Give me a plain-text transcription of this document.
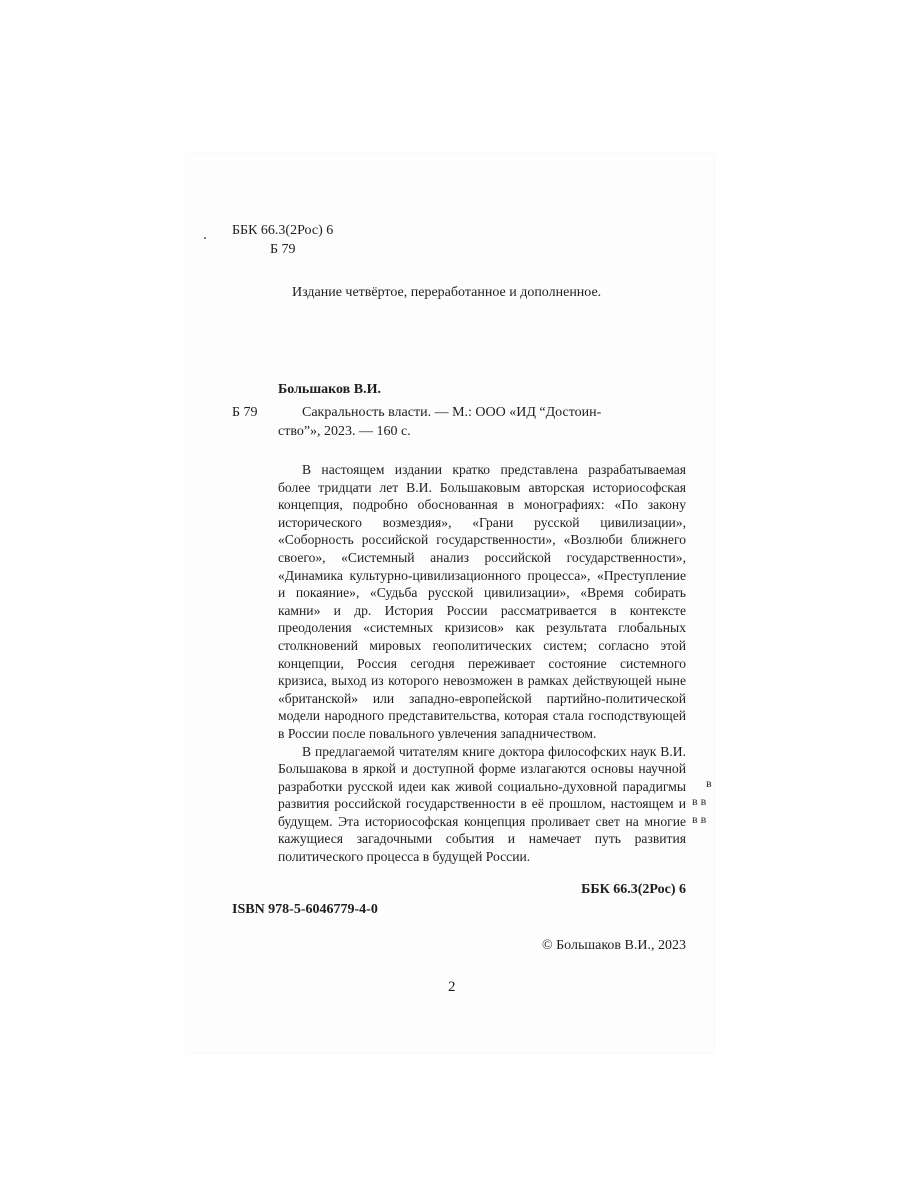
ББК 66.3(2Рос) 6
Б 79
Издание четвёртое, переработанное и дополненное.
Большаков В.И.
Б 79	Сакральность власти. — М.: ООО «ИД “Достоин-
ство”», 2023. — 160 с.

В настоящем издании кратко представлена разрабатываемая более тридцати лет В.И. Большаковым авторская историософская концепция, подробно обоснованная в монографиях: «По закону исторического возмездия», «Грани русской цивилизации», «Соборность российской государственности», «Возлюби ближнего своего», «Системный анализ российской государственности», «Динамика культурно-цивилизационного процесса», «Преступление и покаяние», «Судьба русской цивилизации», «Время собирать камни» и др. История России рассматривается в контексте преодоления «системных кризисов» как результата глобальных столкновений мировых геополитических систем; согласно этой концепции, Россия сегодня переживает состояние системного кризиса, выход из которого невозможен в рамках действующей ныне «британской» или западно-европейской партийно-политической модели народного представительства, которая стала господствующей в России после повального увлечения западничеством.

В предлагаемой читателям книге доктора философских наук В.И. Большакова в яркой и доступной форме излагаются основы научной разработки русской идеи как живой социально-духовной парадигмы развития российской государственности в её прошлом, настоящем и будущем. Эта историософская концепция проливает свет на многие кажущиеся загадочными события и намечает путь развития политического процесса в будущей России.

в
в в
в в
ББК 66.3(2Рос) 6
ISBN 978-5-6046779-4-0
© Большаков В.И., 2023
2
